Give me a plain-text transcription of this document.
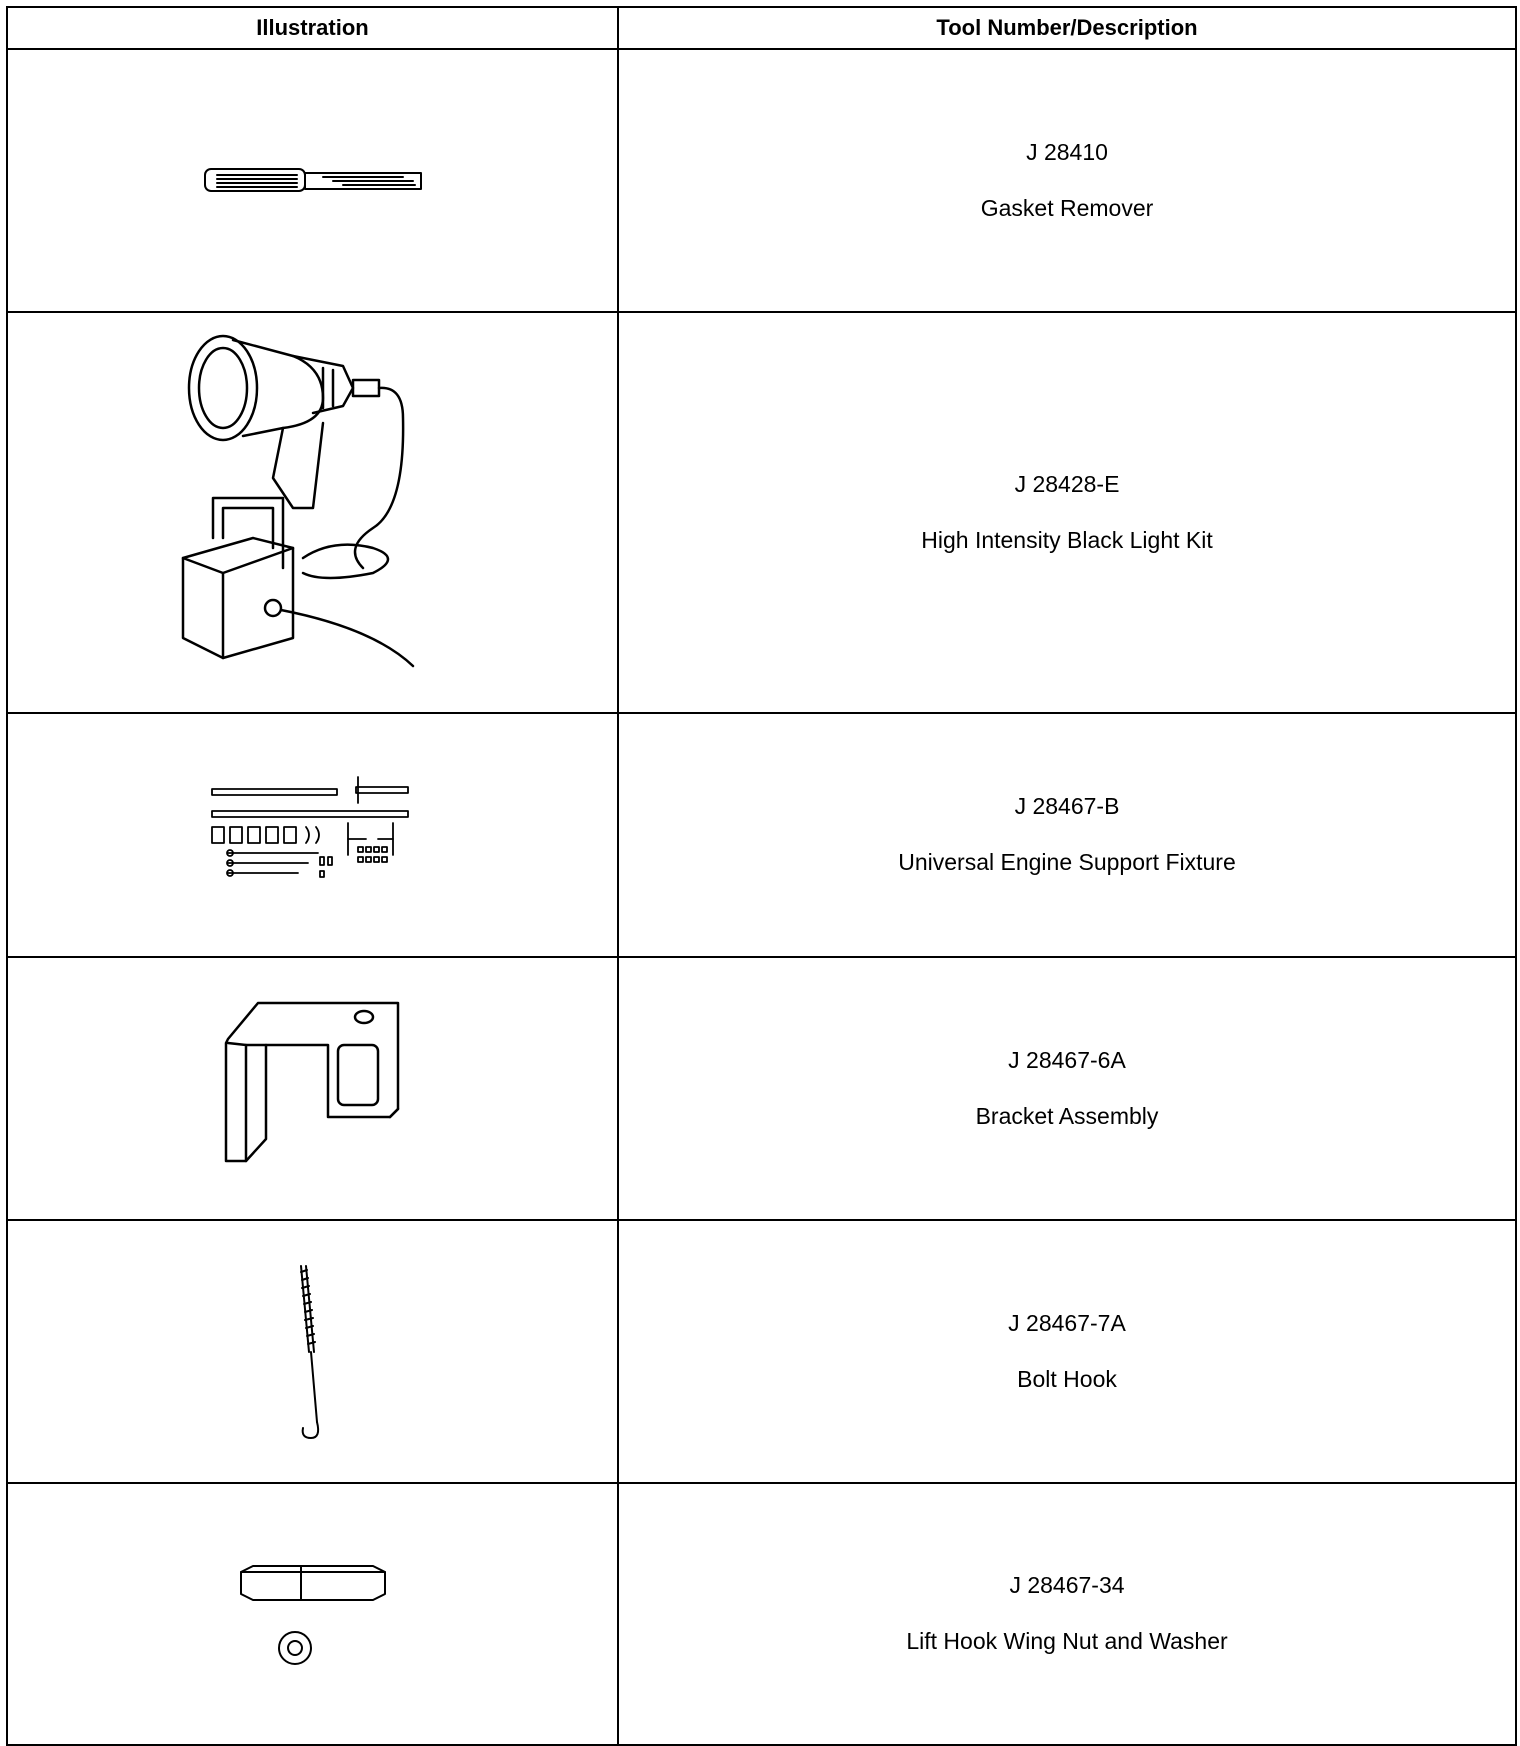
Illustration	Tool Number/Description

J 28410
Gasket Remover

J 28428-E
High Intensity Black Light Kit

J 28467-B
Universal Engine Support Fixture

J 28467-6A
Bracket Assembly

J 28467-7A
Bolt Hook

J 28467-34
Lift Hook Wing Nut and Washer
